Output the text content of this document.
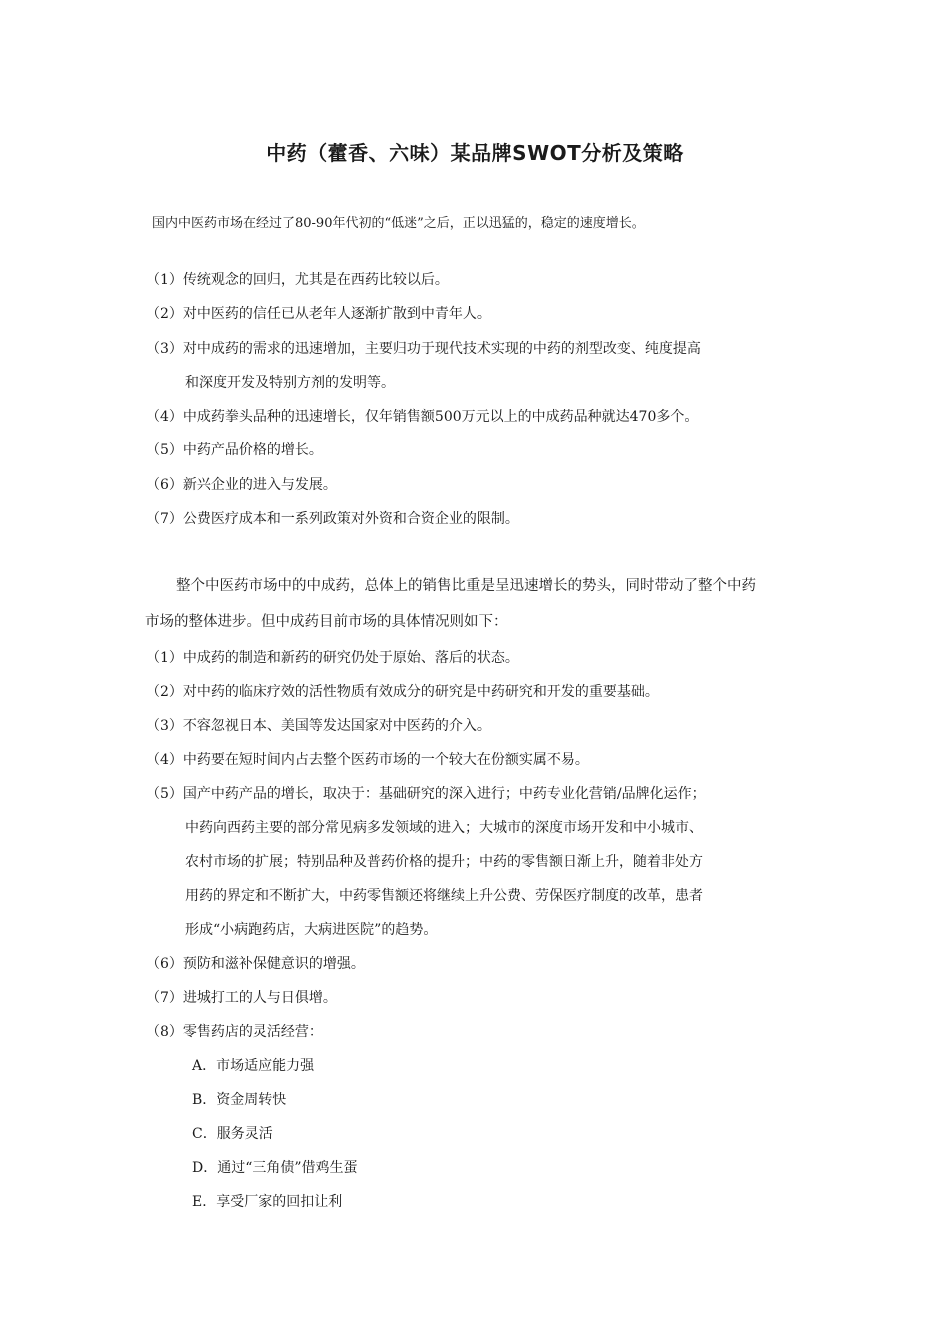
中药（藿香、六味）某品牌SWOT分析及策略
国内中医药市场在经过了80-90年代初的“低迷”之后，正以迅猛的，稳定的速度增长。
（1）传统观念的回归，尤其是在西药比较以后。
（2）对中医药的信任已从老年人逐渐扩散到中青年人。
（3）对中成药的需求的迅速增加，主要归功于现代技术实现的中药的剂型改变、纯度提高
和深度开发及特别方剂的发明等。
（4）中成药拳头品种的迅速增长，仅年销售额500万元以上的中成药品种就达470多个。
（5）中药产品价格的增长。
（6）新兴企业的进入与发展。
（7）公费医疗成本和一系列政策对外资和合资企业的限制。
整个中医药市场中的中成药，总体上的销售比重是呈迅速增长的势头，同时带动了整个中药
市场的整体进步。但中成药目前市场的具体情况则如下：
（1）中成药的制造和新药的研究仍处于原始、落后的状态。
（2）对中药的临床疗效的活性物质有效成分的研究是中药研究和开发的重要基础。
（3）不容忽视日本、美国等发达国家对中医药的介入。
（4）中药要在短时间内占去整个医药市场的一个较大在份额实属不易。
（5）国产中药产品的增长，取决于：基础研究的深入进行；中药专业化营销/品牌化运作；
中药向西药主要的部分常见病多发领域的进入；大城市的深度市场开发和中小城市、
农村市场的扩展；特别品种及普药价格的提升；中药的零售额日渐上升，随着非处方
用药的界定和不断扩大，中药零售额还将继续上升公费、劳保医疗制度的改革，患者
形成“小病跑药店，大病进医院”的趋势。
（6）预防和滋补保健意识的增强。
（7）进城打工的人与日俱增。
（8）零售药店的灵活经营：
A．市场适应能力强
B．资金周转快
C．服务灵活
D．通过“三角债”借鸡生蛋
E．享受厂家的回扣让利
